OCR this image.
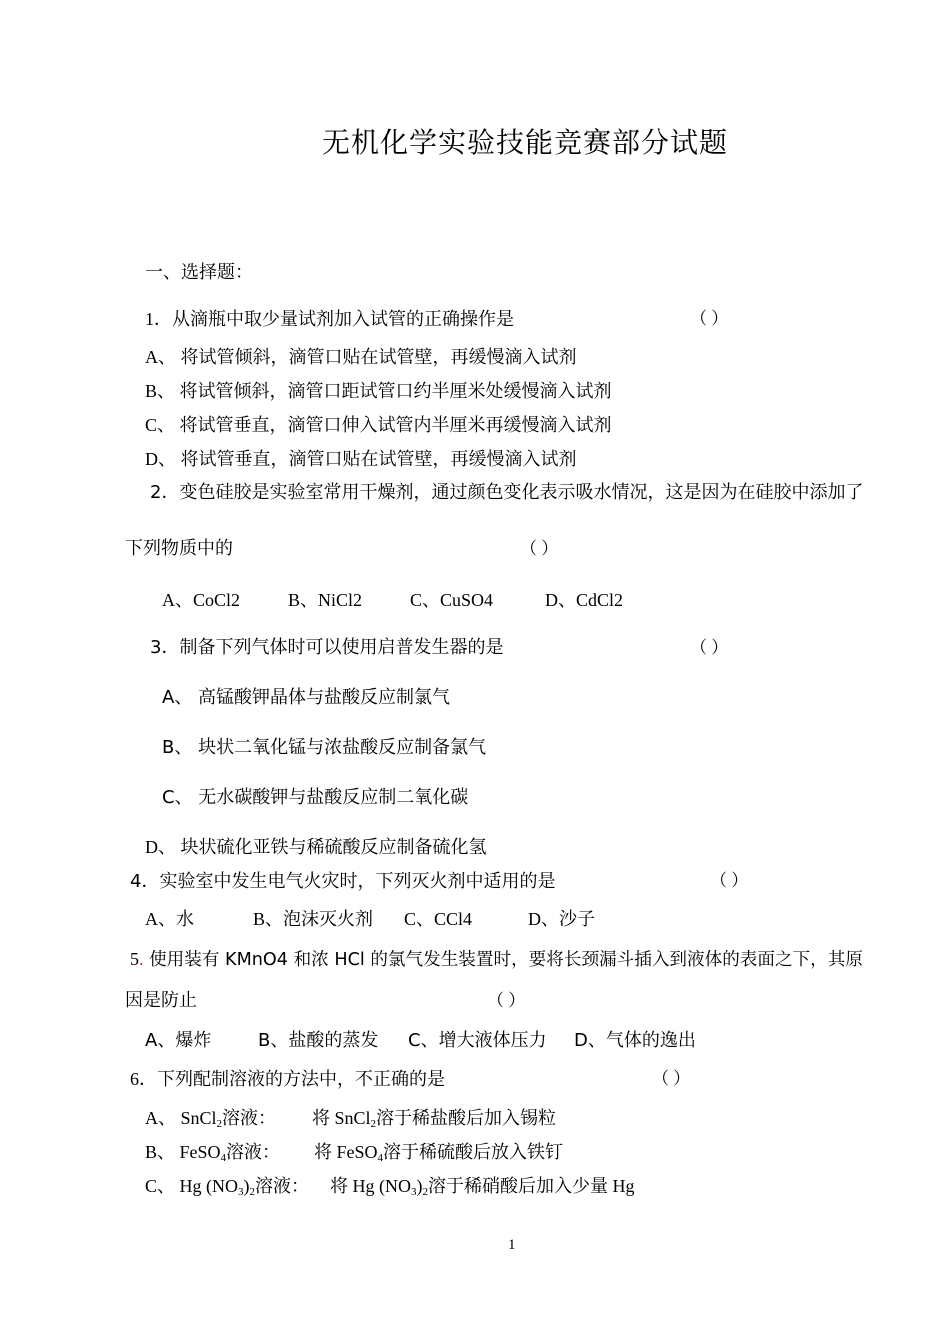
无机化学实验技能竞赛部分试题
一、选择题：
1．从滴瓶中取少量试剂加入试管的正确操作是	（ ）
A、 将试管倾斜，滴管口贴在试管壁，再缓慢滴入试剂
B、 将试管倾斜，滴管口距试管口约半厘米处缓慢滴入试剂
C、 将试管垂直，滴管口伸入试管内半厘米再缓慢滴入试剂
D、 将试管垂直，滴管口贴在试管壁，再缓慢滴入试剂
2．变色硅胶是实验室常用干燥剂，通过颜色变化表示吸水情况，这是因为在硅胶中添加了
下列物质中的	（ ）
A、CoCl2	B、NiCl2	C、CuSO4	D、CdCl2
3．制备下列气体时可以使用启普发生器的是	（ ）
A、 高锰酸钾晶体与盐酸反应制氯气
B、 块状二氧化锰与浓盐酸反应制备氯气
C、 无水碳酸钾与盐酸反应制二氧化碳
D、 块状硫化亚铁与稀硫酸反应制备硫化氢
4．实验室中发生电气火灾时，下列灭火剂中适用的是	（ ）
A、水	B、泡沫灭火剂 C、CCl4	D、沙子
5. 使用装有 KMnO4 和浓 HCl 的氯气发生装置时，要将长颈漏斗插入到液体的表面之下，其原
因是防止	（ ）
A、爆炸	B、盐酸的蒸发 C、增大液体压力 D、气体的逸出
6．下列配制溶液的方法中，不正确的是	（ ）
A、 SnCl$_2$溶液： 将 SnCl$_2$溶于稀盐酸后加入锡粒
B、 FeSO$_4$溶液： 将 FeSO$_4$溶于稀硫酸后放入铁钉
C、 Hg $(NO_3)_2$溶液： 将 Hg $(NO_3)_2$溶于稀硝酸后加入少量 Hg
1
